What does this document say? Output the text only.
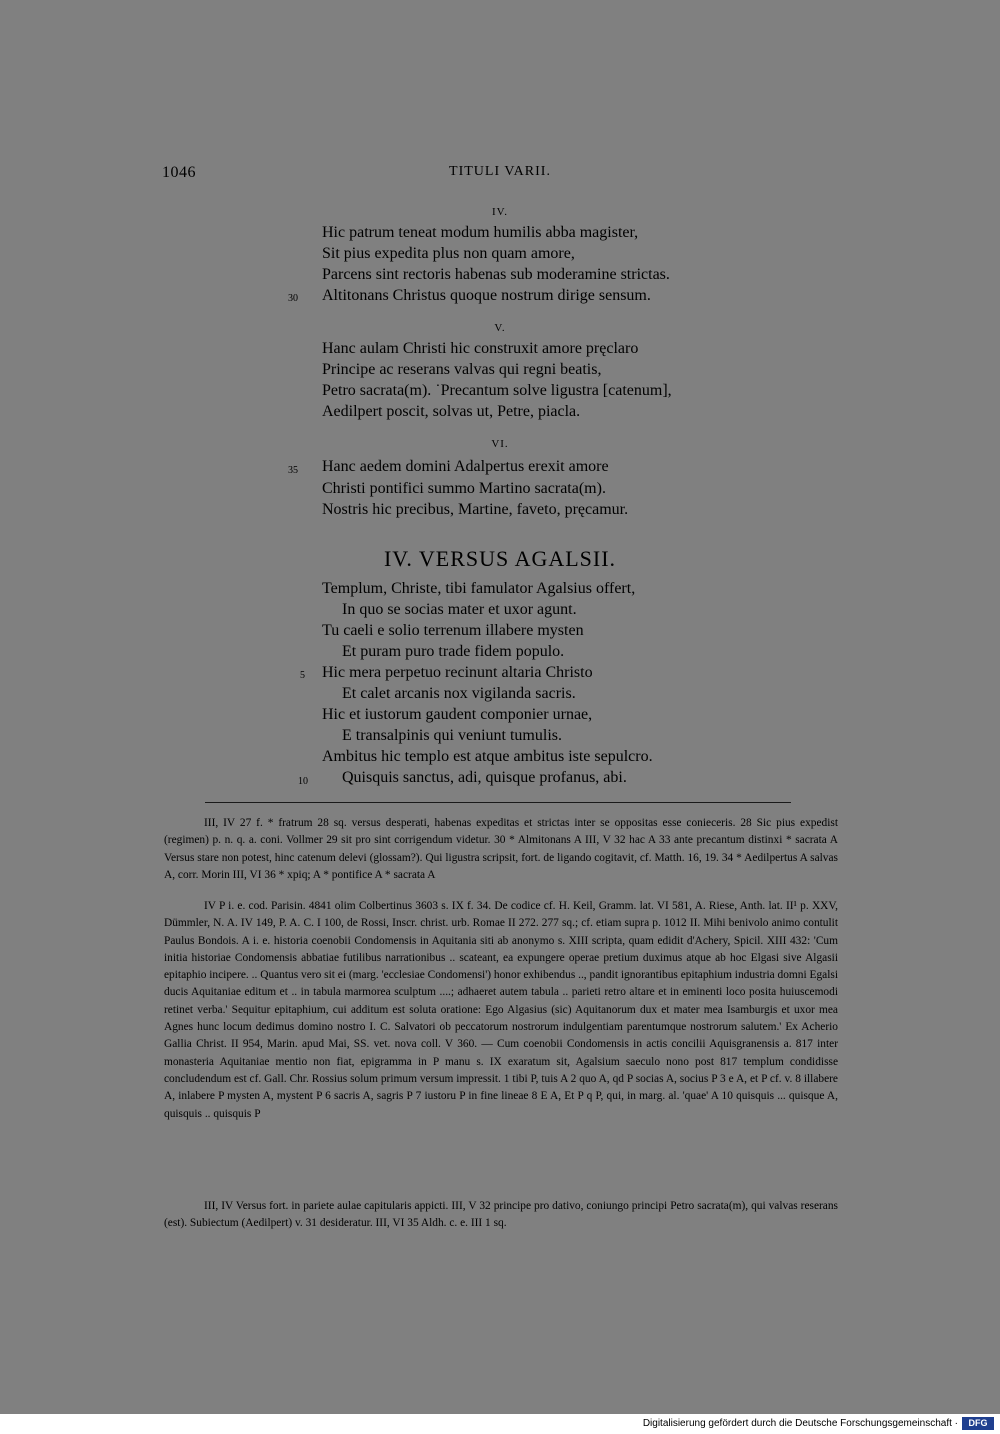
1046	TITULI VARII.
IV.
Hic patrum teneat modum humilis abba magister,
Sit pius expedita plus non quam amore,
Parcens sint rectoris habenas sub moderamine strictas.
30 Altitonans Christus quoque nostrum dirige sensum.
V.
Hanc aulam Christi hic construxit amore pręclaro
Principe ac reserans valvas qui regni beatis,
Petro sacrata(m). ˙Precantum solve ligustra [catenum],
Aedilpert poscit, solvas ut, Petre, piacla.
VI.
35 Hanc aedem domini Adalpertus erexit amore
Christi pontifici summo Martino sacrata(m).
Nostris hic precibus, Martine, faveto, pręcamur.
IV. VERSUS AGALSII.
Templum, Christe, tibi famulator Agalsius offert,
In quo se socias mater et uxor agunt.
Tu caeli e solio terrenum illabere mysten
Et puram puro trade fidem populo.
5 Hic mera perpetuo recinunt altaria Christo
Et calet arcanis nox vigilanda sacris.
Hic et iustorum gaudent componier urnae,
E transalpinis qui veniunt tumulis.
Ambitus hic templo est atque ambitus iste sepulcro.
10 Quisquis sanctus, adi, quisque profanus, abi.

III, IV 27 f. * fratrum 28 sq. versus desperati, habenas expeditas et strictas inter se oppositas esse conieceris. 28 Sic pius expedist (regimen) p. n. q. a. coni. Vollmer 29 sit pro sint corrigendum videtur. 30 * Almitonans A III, V 32 hac A 33 ante precantum distinxi * sacrata A Versus stare non potest, hinc catenum delevi (glossam?). Qui ligustra scripsit, fort. de ligando cogitavit, cf. Matth. 16, 19. 34 * Aedilpertus A salvas A, corr. Morin III, VI 36 * xpiq; A * pontifice A * sacrata A

IV P i. e. cod. Parisin. 4841 olim Colbertinus 3603 s. IX f. 34. De codice cf. H. Keil, Gramm. lat. VI 581, A. Riese, Anth. lat. II¹ p. XXV, Dümmler, N. A. IV 149, P. A. C. I 100, de Rossi, Inscr. christ. urb. Romae II 272. 277 sq.; cf. etiam supra p. 1012 II. Mihi benivolo animo contulit Paulus Bondois. A i. e. historia coenobii Condomensis in Aquitania siti ab anonymo s. XIII scripta, quam edidit d'Achery, Spicil. XIII 432: 'Cum initia historiae Condomensis abbatiae futilibus narrationibus .. scateant, ea expungere operae pretium duximus atque ab hoc Elgasi sive Algasii epitaphio incipere. .. Quantus vero sit ei (marg. 'ecclesiae Condomensi') honor exhibendus .., pandit ignorantibus epitaphium industria domni Egalsi ducis Aquitaniae editum et .. in tabula marmorea sculptum ....; adhaeret autem tabula .. parieti retro altare et in eminenti loco posita huiuscemodi retinet verba.' Sequitur epitaphium, cui additum est soluta oratione: Ego Algasius (sic) Aquitanorum dux et mater mea Isamburgis et uxor mea Agnes hunc locum dedimus domino nostro I. C. Salvatori ob peccatorum nostrorum indulgentiam parentumque nostrorum salutem.' Ex Acherio Gallia Christ. II 954, Marin. apud Mai, SS. vet. nova coll. V 360. — Cum coenobii Condomensis in actis concilii Aquisgranensis a. 817 inter monasteria Aquitaniae mentio non fiat, epigramma in P manu s. IX exaratum sit, Agalsium saeculo nono post 817 templum condidisse concludendum est cf. Gall. Chr. Rossius solum primum versum impressit. 1 tibi P, tuis A 2 quo A, qd P socias A, socius P 3 e A, et P cf. v. 8 illabere A, inlabere P mysten A, mystent P 6 sacris A, sagris P 7 iustoru P in fine lineae 8 E A, Et P q P, qui, in marg. al. 'quae' A 10 quisquis ... quisque A, quisquis .. quisquis P

III, IV Versus fort. in pariete aulae capitularis appicti. III, V 32 principe pro dativo, coniungo principi Petro sacrata(m), qui valvas reserans (est). Subiectum (Aedilpert) v. 31 desideratur. III, VI 35 Aldh. c. e. III 1 sq.

Digitalisierung gefördert durch die Deutsche Forschungsgemeinschaft ·	DFG
